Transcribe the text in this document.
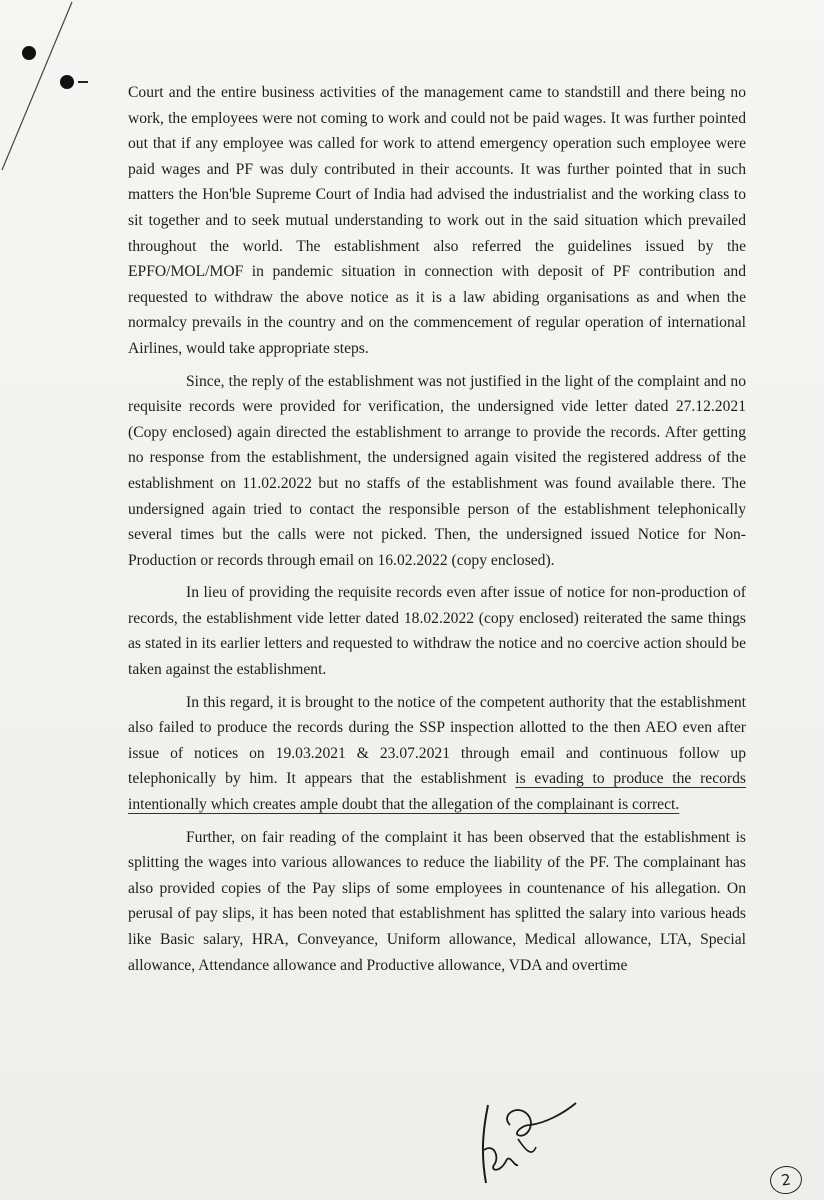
Court and the entire business activities of the management came to standstill and there being no work, the employees were not coming to work and could not be paid wages. It was further pointed out that if any employee was called for work to attend emergency operation such employee were paid wages and PF was duly contributed in their accounts. It was further pointed that in such matters the Hon'ble Supreme Court of India had advised the industrialist and the working class to sit together and to seek mutual understanding to work out in the said situation which prevailed throughout the world. The establishment also referred the guidelines issued by the EPFO/MOL/MOF in pandemic situation in connection with deposit of PF contribution and requested to withdraw the above notice as it is a law abiding organisations as and when the normalcy prevails in the country and on the commencement of regular operation of international Airlines, would take appropriate steps.

Since, the reply of the establishment was not justified in the light of the complaint and no requisite records were provided for verification, the undersigned vide letter dated 27.12.2021 (Copy enclosed) again directed the establishment to arrange to provide the records. After getting no response from the establishment, the undersigned again visited the registered address of the establishment on 11.02.2022 but no staffs of the establishment was found available there. The undersigned again tried to contact the responsible person of the establishment telephonically several times but the calls were not picked. Then, the undersigned issued Notice for Non-Production or records through email on 16.02.2022 (copy enclosed).

In lieu of providing the requisite records even after issue of notice for non-production of records, the establishment vide letter dated 18.02.2022 (copy enclosed) reiterated the same things as stated in its earlier letters and requested to withdraw the notice and no coercive action should be taken against the establishment.

In this regard, it is brought to the notice of the competent authority that the establishment also failed to produce the records during the SSP inspection allotted to the then AEO even after issue of notices on 19.03.2021 & 23.07.2021 through email and continuous follow up telephonically by him. It appears that the establishment is evading to produce the records intentionally which creates ample doubt that the allegation of the complainant is correct.

Further, on fair reading of the complaint it has been observed that the establishment is splitting the wages into various allowances to reduce the liability of the PF. The complainant has also provided copies of the Pay slips of some employees in countenance of his allegation. On perusal of pay slips, it has been noted that establishment has splitted the salary into various heads like Basic salary, HRA, Conveyance, Uniform allowance, Medical allowance, LTA, Special allowance, Attendance allowance and Productive allowance, VDA and overtime

2
